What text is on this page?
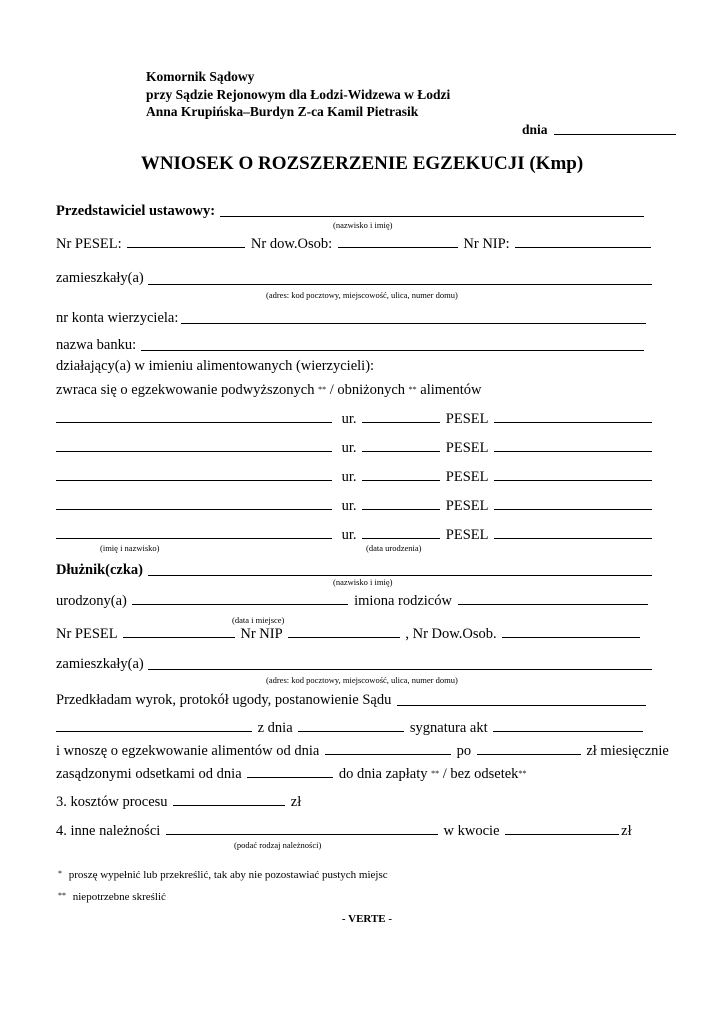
Komornik Sądowy
przy Sądzie Rejonowym dla Łodzi-Widzewa w Łodzi
Anna Krupińska–Burdyn Z-ca Kamil Pietrasik
dnia
WNIOSEK O ROZSZERZENIE EGZEKUCJI (Kmp)
Przedstawiciel ustawowy:
(nazwisko i imię)
Nr PESEL:	Nr dow.Osob:	Nr NIP:
zamieszkały(a)
(adres: kod pocztowy, miejscowość, ulica, numer domu)
nr konta wierzyciela:
nazwa banku:
działający(a) w imieniu alimentowanych (wierzycieli):
zwraca się o egzekwowanie podwyższonych ** / obniżonych ** alimentów
ur.	PESEL
ur.	PESEL
ur.	PESEL
ur.	PESEL
ur.	PESEL
(imię i nazwisko)	(data urodzenia)
Dłużnik(czka)
(nazwisko i imię)
urodzony(a)	imiona rodziców
(data i miejsce)
Nr PESEL	Nr NIP	, Nr Dow.Osob.
zamieszkały(a)
(adres: kod pocztowy, miejscowość, ulica, numer domu)
Przedkładam wyrok, protokół ugody, postanowienie Sądu
z dnia	sygnatura akt
i wnoszę o egzekwowanie alimentów od dnia	po	zł miesięcznie
zasądzonymi odsetkami od dnia	do dnia zapłaty ** / bez odsetek**
3. kosztów procesu	zł
4. inne należności	w kwocie	zł
(podać rodzaj należności)
* proszę wypełnić lub przekreślić, tak aby nie pozostawiać pustych miejsc
** niepotrzebne skreślić
- VERTE -
